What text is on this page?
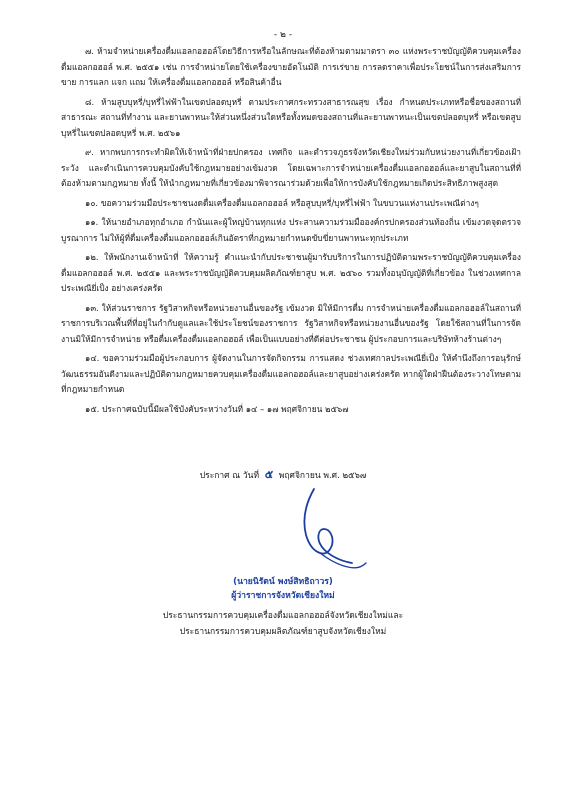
- ๒ -

๗. ห้ามจำหน่ายเครื่องดื่มแอลกอฮอล์โดยวิธีการหรือในลักษณะที่ต้องห้ามตามมาตรา ๓๐ แห่งพระราชบัญญัติควบคุมเครื่องดื่มแอลกอฮอล์ พ.ศ. ๒๕๕๑ เช่น การจำหน่ายโดยใช้เครื่องขายอัตโนมัติ การเร่ขาย การลดราคาเพื่อประโยชน์ในการส่งเสริมการขาย การแลก แจก แถม ให้เครื่องดื่มแอลกอฮอล์ หรือสินค้าอื่น

๘. ห้ามสูบบุหรี่/บุหรี่ไฟฟ้าในเขตปลอดบุหรี่ ตามประกาศกระทรวงสาธารณสุข เรื่อง กำหนดประเภทหรือชื่อของสถานที่สาธารณะ สถานที่ทำงาน และยานพาหนะให้ส่วนหนึ่งส่วนใดหรือทั้งหมดของสถานที่และยานพาหนะเป็นเขตปลอดบุหรี่ หรือเขตสูบบุหรี่ในเขตปลอดบุหรี่ พ.ศ. ๒๕๖๑

๙. หากพบการกระทำผิดให้เจ้าหน้าที่ฝ่ายปกครอง เทศกิจ และตำรวจภูธรจังหวัดเชียงใหม่ร่วมกับหน่วยงานที่เกี่ยวข้องเฝ้าระวัง และดำเนินการควบคุมบังคับใช้กฎหมายอย่างเข้มงวด โดยเฉพาะการจำหน่ายเครื่องดื่มแอลกอฮอล์และยาสูบในสถานที่ที่ต้องห้ามตามกฎหมาย ทั้งนี้ ให้นำกฎหมายที่เกี่ยวข้องมาพิจารณาร่วมด้วยเพื่อให้การบังคับใช้กฎหมายเกิดประสิทธิภาพสูงสุด

๑๐. ขอความร่วมมือประชาชนงดดื่มเครื่องดื่มแอลกอฮอล์ หรือสูบบุหรี่/บุหรี่ไฟฟ้า ในขบวนแห่งานประเพณีต่างๆ

๑๑. ให้นายอำเภอทุกอำเภอ กำนันและผู้ใหญ่บ้านทุกแห่ง ประสานความร่วมมือองค์กรปกครองส่วนท้องถิ่น เข้มงวดจุดตรวจบูรณาการ ไม่ให้ผู้ที่ดื่มเครื่องดื่มแอลกอฮอล์เกินอัตราที่กฎหมายกำหนดขับขี่ยานพาหนะทุกประเภท

๑๒. ให้พนักงานเจ้าหน้าที่ ให้ความรู้ คำแนะนำกับประชาชนผู้มารับบริการในการปฏิบัติตามพระราชบัญญัติควบคุมเครื่องดื่มแอลกอฮอล์ พ.ศ. ๒๕๕๑ และพระราชบัญญัติควบคุมผลิตภัณฑ์ยาสูบ พ.ศ. ๒๕๖๐ รวมทั้งอนุบัญญัติที่เกี่ยวข้อง ในช่วงเทศกาลประเพณียี่เป็ง อย่างเคร่งครัด

๑๓. ให้ส่วนราชการ รัฐวิสาหกิจหรือหน่วยงานอื่นของรัฐ เข้มงวด มิให้มีการดื่ม การจำหน่ายเครื่องดื่มแอลกอฮอล์ในสถานที่ราชการบริเวณพื้นที่ที่อยู่ในกำกับดูแลและใช้ประโยชน์ของราชการ รัฐวิสาหกิจหรือหน่วยงานอื่นของรัฐ โดยใช้สถานที่ในการจัดงานมิให้มีการจำหน่าย หรือดื่มเครื่องดื่มแอลกอฮอล์ เพื่อเป็นแบบอย่างที่ดีต่อประชาชน ผู้ประกอบการและบริษัทห้างร้านต่างๆ

๑๔. ขอความร่วมมือผู้ประกอบการ ผู้จัดงานในการจัดกิจกรรม การแสดง ช่วงเทศกาลประเพณียี่เป็ง ให้คำนึงถึงการอนุรักษ์วัฒนธรรมอันดีงามและปฏิบัติตามกฎหมายควบคุมเครื่องดื่มแอลกอฮอล์และยาสูบอย่างเคร่งครัด หากผู้ใดฝ่าฝืนต้องระวางโทษตามที่กฎหมายกำหนด

๑๕. ประกาศฉบับนี้มีผลใช้บังคับระหว่างวันที่ ๑๔ – ๑๗ พฤศจิกายน ๒๕๖๗

ประกาศ ณ วันที่ ๕ พฤศจิกายน พ.ศ. ๒๕๖๗
(นายนิรัตน์ พงษ์สิทธิถาวร)
ผู้ว่าราชการจังหวัดเชียงใหม่
ประธานกรรมการควบคุมเครื่องดื่มแอลกอฮอล์จังหวัดเชียงใหม่และ
ประธานกรรมการควบคุมผลิตภัณฑ์ยาสูบจังหวัดเชียงใหม่
